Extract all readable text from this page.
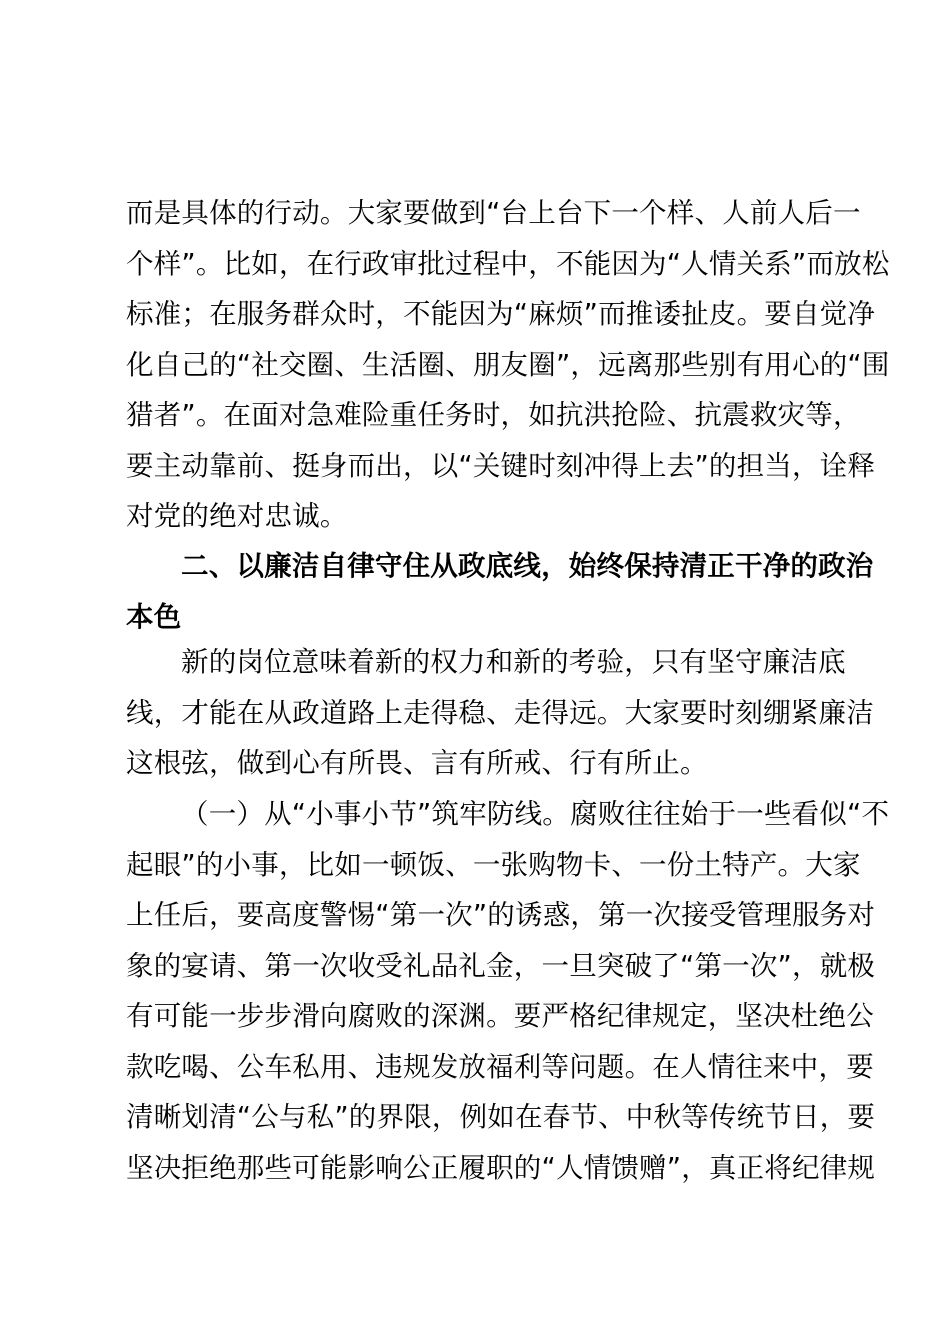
而是具体的行动。大家要做到“台上台下一个样、人前人后一
个样”。比如，在行政审批过程中，不能因为“人情关系”而放松
标准；在服务群众时，不能因为“麻烦”而推诿扯皮。要自觉净
化自己的“社交圈、生活圈、朋友圈”，远离那些别有用心的“围
猎者”。在面对急难险重任务时，如抗洪抢险、抗震救灾等，
要主动靠前、挺身而出，以“关键时刻冲得上去”的担当，诠释
对党的绝对忠诚。
二、以廉洁自律守住从政底线，始终保持清正干净的政治
本色
新的岗位意味着新的权力和新的考验，只有坚守廉洁底
线，才能在从政道路上走得稳、走得远。大家要时刻绷紧廉洁
这根弦，做到心有所畏、言有所戒、行有所止。
（一）从“小事小节”筑牢防线。腐败往往始于一些看似“不
起眼”的小事，比如一顿饭、一张购物卡、一份土特产。大家
上任后，要高度警惕“第一次”的诱惑，第一次接受管理服务对
象的宴请、第一次收受礼品礼金，一旦突破了“第一次”，就极
有可能一步步滑向腐败的深渊。要严格纪律规定，坚决杜绝公
款吃喝、公车私用、违规发放福利等问题。在人情往来中，要
清晰划清“公与私”的界限，例如在春节、中秋等传统节日，要
坚决拒绝那些可能影响公正履职的“人情馈赠”，真正将纪律规
